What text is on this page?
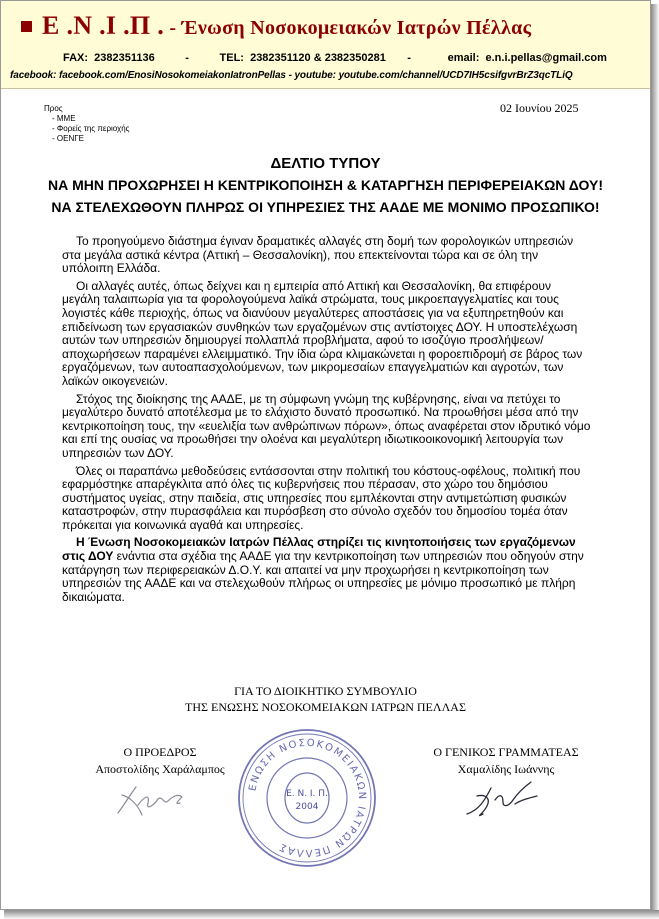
Ε .Ν .Ι .Π . - Ένωση Νοσοκομειακών Ιατρών Πέλλας
FAX:  2382351136          -          TEL:  2382351120 & 2382350281       -            email:  e.n.i.pellas@gmail.com
facebook: facebook.com/EnosiNosokomeiakonIatronPellas - youtube: youtube.com/channel/UCD7IH5csifgvrBrZ3qcTLiQ
02 Ιουνίου 2025
Προς
- ΜΜΕ
- Φορείς της περιοχής
- ΟΕΝΓΕ
ΔΕΛΤΙΟ ΤΥΠΟΥ
ΝΑ ΜΗΝ ΠΡΟΧΩΡΗΣΕΙ Η ΚΕΝΤΡΙΚΟΠΟΙΗΣΗ & ΚΑΤΑΡΓΗΣΗ ΠΕΡΙΦΕΡΕΙΑΚΩΝ ΔΟΥ!
ΝΑ ΣΤΕΛΕΧΩΘΟΥΝ ΠΛΗΡΩΣ ΟΙ ΥΠΗΡΕΣΙΕΣ ΤΗΣ ΑΑΔΕ ΜΕ ΜΟΝΙΜΟ ΠΡΟΣΩΠΙΚΟ!

Το προηγούμενο διάστημα έγιναν δραματικές αλλαγές στη δομή των φορολογικών υπηρεσιών στα μεγάλα αστικά κέντρα (Αττική – Θεσσαλονίκη), που επεκτείνονται τώρα και σε όλη την υπόλοιπη Ελλάδα.

Οι αλλαγές αυτές, όπως δείχνει και η εμπειρία από Αττική και Θεσσαλονίκη, θα επιφέρουν μεγάλη ταλαιπωρία για τα φορολογούμενα λαϊκά στρώματα, τους μικροεπαγγελματίες και τους λογιστές κάθε περιοχής, όπως να διανύουν μεγαλύτερες αποστάσεις για να εξυπηρετηθούν και επιδείνωση των εργασιακών συνθηκών των εργαζομένων στις αντίστοιχες ΔΟΥ. Η υποστελέχωση αυτών των υπηρεσιών δημιουργεί πολλαπλά προβλήματα, αφού το ισοζύγιο προσλήψεων/αποχωρήσεων παραμένει ελλειμματικό. Την ίδια ώρα κλιμακώνεται η φοροεπιδρομή σε βάρος των εργαζόμενων, των αυτοαπασχολούμενων, των μικρομεσαίων επαγγελματιών και αγροτών, των λαϊκών οικογενειών.

Στόχος της διοίκησης της ΑΑΔΕ, με τη σύμφωνη γνώμη της κυβέρνησης, είναι να πετύχει το μεγαλύτερο δυνατό αποτέλεσμα με το ελάχιστο δυνατό προσωπικό. Να προωθήσει μέσα από την κεντρικοποίηση τους, την «ευελιξία των ανθρώπινων πόρων», όπως αναφέρεται στον ιδρυτικό νόμο και επί της ουσίας να προωθήσει την ολοένα και μεγαλύτερη ιδιωτικοοικονομική λειτουργία των υπηρεσιών των ΔΟΥ.

Όλες οι παραπάνω μεθοδεύσεις εντάσσονται στην πολιτική του κόστους-οφέλους, πολιτική που εφαρμόστηκε απαρέγκλιτα από όλες τις κυβερνήσεις που πέρασαν, στο χώρο του δημόσιου συστήματος υγείας, στην παιδεία, στις υπηρεσίες που εμπλέκονται στην αντιμετώπιση φυσικών καταστροφών, στην πυρασφάλεια και πυρόσβεση στο σύνολο σχεδόν του δημοσίου τομέα όταν πρόκειται για κοινωνικά αγαθά και υπηρεσίες.

Η Ένωση Νοσοκομειακών Ιατρών Πέλλας στηρίζει τις κινητοποιήσεις των εργαζόμενων στις ΔΟΥ ενάντια στα σχέδια της ΑΑΔΕ για την κεντρικοποίηση των υπηρεσιών που οδηγούν στην κατάργηση των περιφερειακών Δ.Ο.Υ. και απαιτεί να μην προχωρήσει η κεντρικοποίηση των υπηρεσιών της ΑΑΔΕ και να στελεχωθούν πλήρως οι υπηρεσίες με μόνιμο προσωπικό με πλήρη δικαιώματα.

ΓΙΑ ΤΟ ΔΙΟΙΚΗΤΙΚΟ ΣΥΜΒΟΥΛΙΟ
ΤΗΣ ΕΝΩΣΗΣ ΝΟΣΟΚΟΜΕΙΑΚΩΝ ΙΑΤΡΩΝ ΠΕΛΛΑΣ
Ο ΠΡΟΕΔΡΟΣ
Αποστολίδης Χαράλαμπος
Ο ΓΕΝΙΚΟΣ ΓΡΑΜΜΑΤΕΑΣ
Χαμαλίδης Ιωάννης
ΕΝΩΣΗ ΝΟΣΟΚΟΜΕΙΑΚΩΝ ΙΑΤΡΩΝ ΠΕΛΛΑΣ
Ε. Ν. Ι. Π.
2004
